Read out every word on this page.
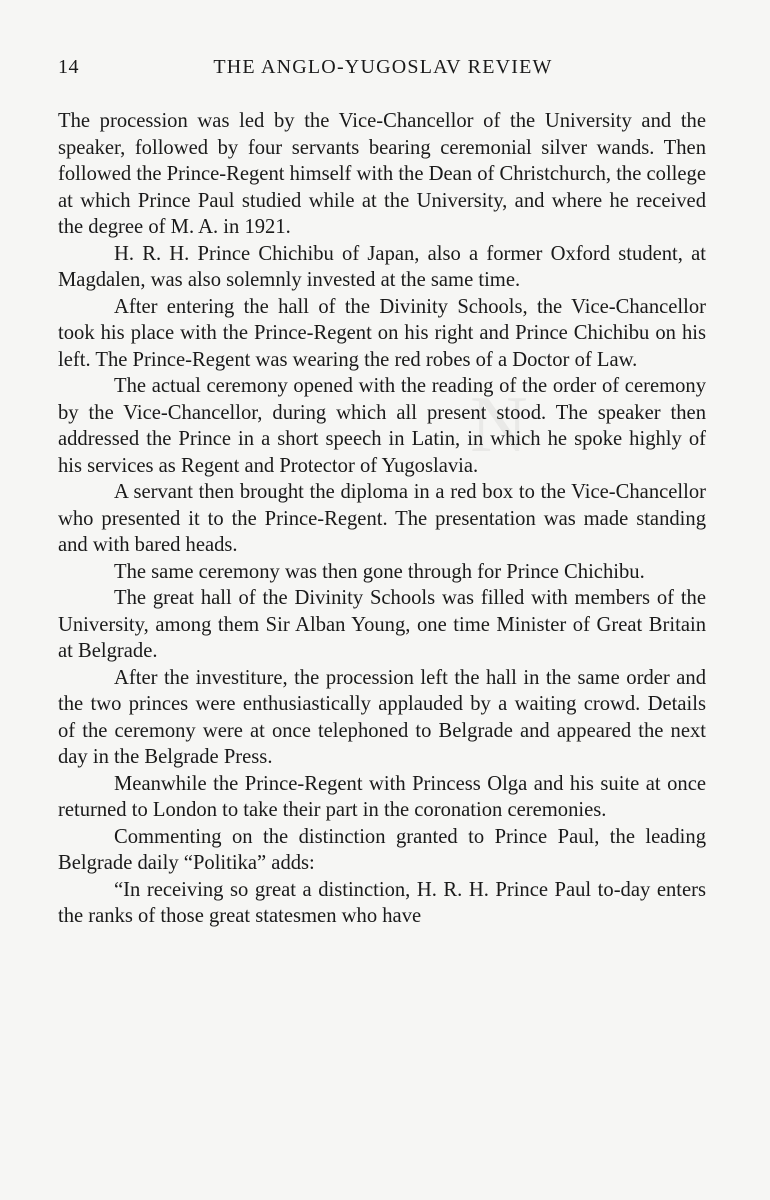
N
14	THE ANGLO-YUGOSLAV REVIEW

The procession was led by the Vice-Chancellor of the University and the speaker, followed by four servants bearing ceremonial silver wands. Then followed the Prince-Regent himself with the Dean of Christchurch, the college at which Prince Paul studied while at the University, and where he received the degree of M. A. in 1921.

H. R. H. Prince Chichibu of Japan, also a former Oxford student, at Magdalen, was also solemnly invested at the same time.

After entering the hall of the Divinity Schools, the Vice-Chancellor took his place with the Prince-Regent on his right and Prince Chichibu on his left. The Prince-Regent was wearing the red robes of a Doctor of Law.

The actual ceremony opened with the reading of the order of ceremony by the Vice-Chancellor, during which all present stood. The speaker then addressed the Prince in a short speech in Latin, in which he spoke highly of his services as Regent and Protector of Yugoslavia.

A servant then brought the diploma in a red box to the Vice-Chancellor who presented it to the Prince-Regent. The presentation was made standing and with bared heads.

The same ceremony was then gone through for Prince Chichibu.

The great hall of the Divinity Schools was filled with members of the University, among them Sir Alban Young, one time Minister of Great Britain at Belgrade.

After the investiture, the procession left the hall in the same order and the two princes were enthusiastically applauded by a waiting crowd. Details of the ceremony were at once telephoned to Belgrade and appeared the next day in the Belgrade Press.

Meanwhile the Prince-Regent with Princess Olga and his suite at once returned to London to take their part in the coronation ceremonies.

Commenting on the distinction granted to Prince Paul, the leading Belgrade daily “Politika” adds:

“In receiving so great a distinction, H. R. H. Prince Paul to-day enters the ranks of those great statesmen who have
